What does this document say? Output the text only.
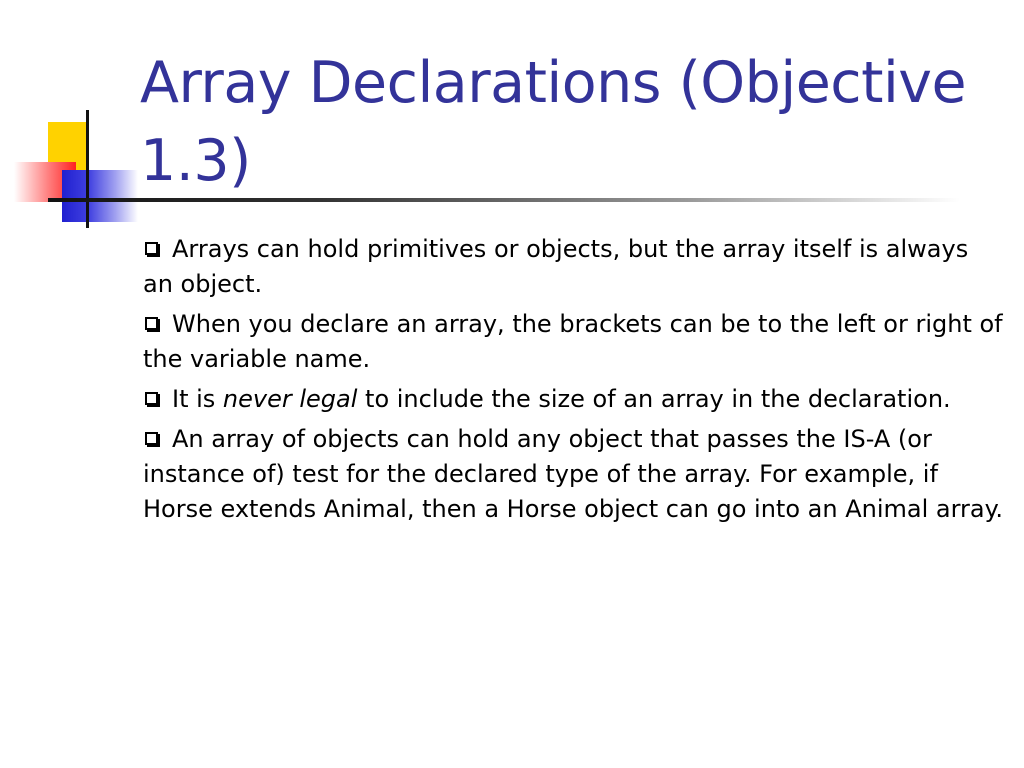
Array Declarations (Objective 1.3)
Arrays can hold primitives or objects, but the array itself is always an object.
When you declare an array, the brackets can be to the left or right of the variable name.
It is never legal to include the size of an array in the declaration.
An array of objects can hold any object that passes the IS-A (or instance of) test for the declared type of the array. For example, if Horse extends Animal, then a Horse object can go into an Animal array.
